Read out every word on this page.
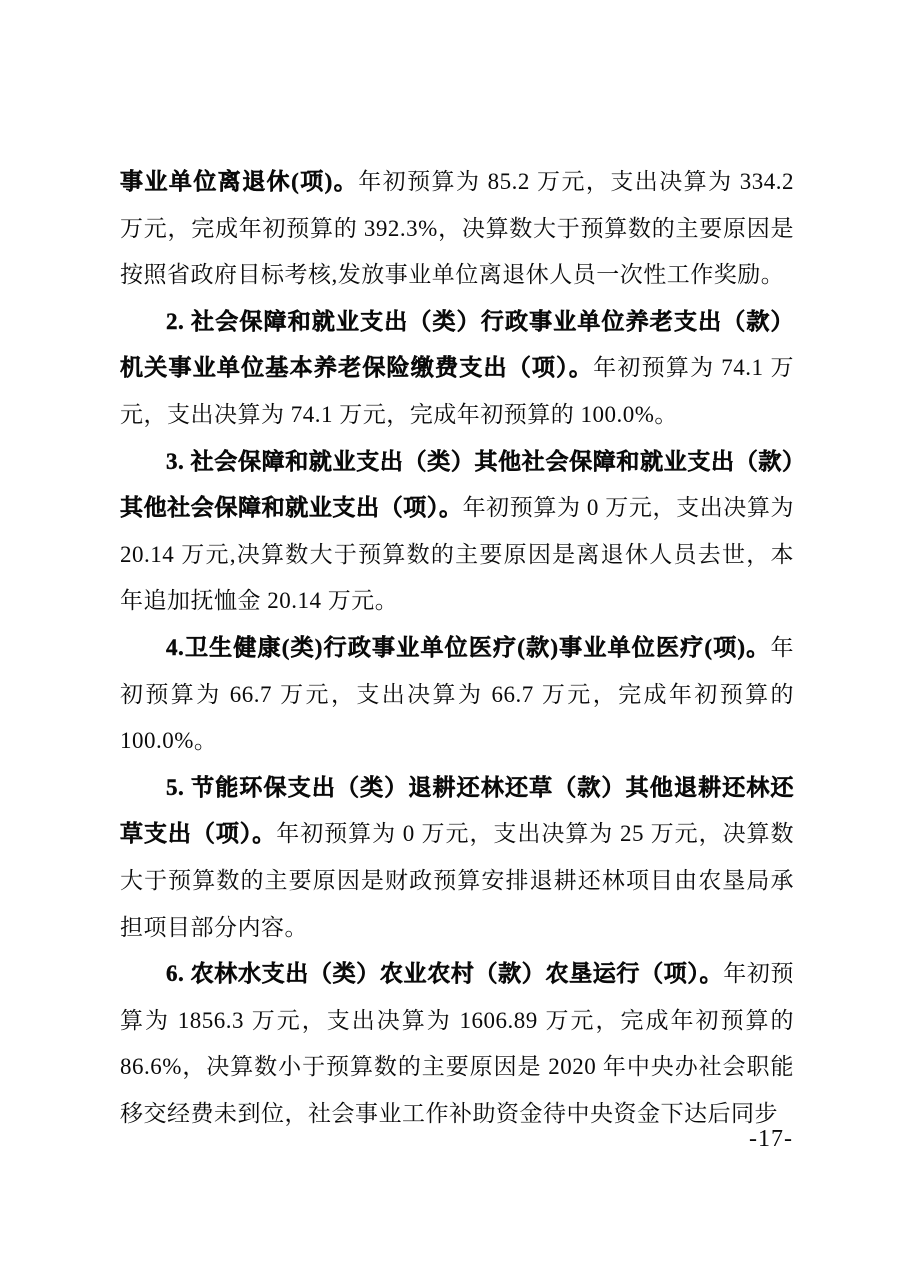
事业单位离退休(项)。年初预算为 85.2 万元，支出决算为 334.2 万元，完成年初预算的 392.3%，决算数大于预算数的主要原因是按照省政府目标考核,发放事业单位离退休人员一次性工作奖励。

2. 社会保障和就业支出（类）行政事业单位养老支出（款）机关事业单位基本养老保险缴费支出（项）。年初预算为 74.1 万元，支出决算为 74.1 万元，完成年初预算的 100.0%。

3. 社会保障和就业支出（类）其他社会保障和就业支出（款）其他社会保障和就业支出（项）。年初预算为 0 万元，支出决算为 20.14 万元,决算数大于预算数的主要原因是离退休人员去世，本年追加抚恤金 20.14 万元。

4.卫生健康(类)行政事业单位医疗(款)事业单位医疗(项)。年初预算为 66.7 万元，支出决算为 66.7 万元，完成年初预算的 100.0%。

5. 节能环保支出（类）退耕还林还草（款）其他退耕还林还草支出（项）。年初预算为 0 万元，支出决算为 25 万元，决算数大于预算数的主要原因是财政预算安排退耕还林项目由农垦局承担项目部分内容。

6. 农林水支出（类）农业农村（款）农垦运行（项）。年初预算为 1856.3 万元，支出决算为 1606.89 万元，完成年初预算的 86.6%，决算数小于预算数的主要原因是 2020 年中央办社会职能移交经费未到位，社会事业工作补助资金待中央资金下达后同步

-17-
